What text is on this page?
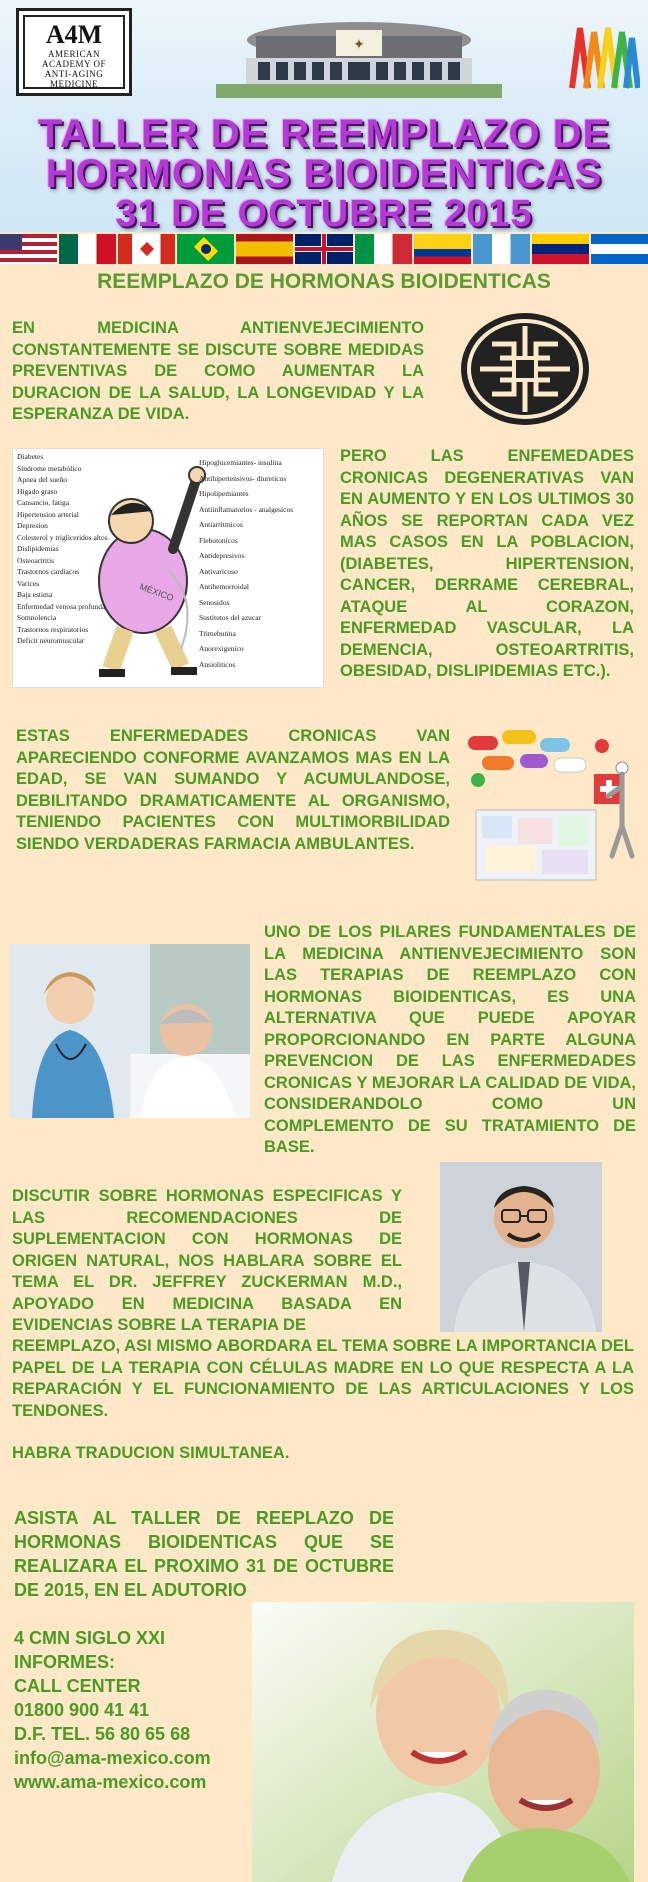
A4M
AMERICAN
ACADEMY OF
ANTI-AGING
MEDICINE
✦
TALLER DE REEMPLAZO DE
HORMONAS BIOIDENTICAS
31 DE OCTUBRE 2015
REEMPLAZO DE HORMONAS BIOIDENTICAS
EN MEDICINA ANTIENVEJECIMIENTO CONSTANTEMENTE SE DISCUTE SOBRE MEDIDAS PREVENTIVAS DE COMO AUMENTAR LA DURACION DE LA SALUD, LA LONGEVIDAD Y LA ESPERANZA DE VIDA.
MÉXICO
Diabetes
Síndrome metabólico
Apnea del sueño
Hígado graso
Cansancio, fatiga
Hipertension arterial
Depresion
Colesterol y trigliceridos altos
Dislipidemias
Osteoartritis
Trastornos cardiacos
Varices
Baja estima
Enfermedad venosa profunda
Somnolencia
Trastornos respiratorios
Deficit neuromuscular
Hipoglucemiantes- insulina
Antihipertensivos- diureticos
Hipolipemiantes
Antiinflamatorios - analgesicos
Antiarritmicos
Flebotonicos
Antidepresivos
Antivaricoso
Antihemorroidal
Senosidos
Sustitutos del azucar
Trimebutina
Anorexigenico
Ansioliticos
PERO LAS ENFEMEDADES CRONICAS DEGENERATIVAS VAN EN AUMENTO Y EN LOS ULTIMOS 30 AÑOS SE REPORTAN CADA VEZ MAS CASOS EN LA POBLACION, (DIABETES, HIPERTENSION, CANCER, DERRAME CEREBRAL, ATAQUE AL CORAZON, ENFERMEDAD VASCULAR, LA DEMENCIA, OSTEOARTRITIS, OBESIDAD, DISLIPIDEMIAS ETC.).
ESTAS ENFERMEDADES CRONICAS VAN APARECIENDO CONFORME AVANZAMOS MAS EN LA EDAD, SE VAN SUMANDO Y ACUMULANDOSE, DEBILITANDO DRAMATICAMENTE AL ORGANISMO, TENIENDO PACIENTES CON MULTIMORBILIDAD SIENDO VERDADERAS FARMACIA AMBULANTES.
UNO DE LOS PILARES FUNDAMENTALES DE LA MEDICINA ANTIENVEJECIMIENTO SON LAS TERAPIAS DE REEMPLAZO CON HORMONAS BIOIDENTICAS, ES UNA ALTERNATIVA QUE PUEDE APOYAR PROPORCIONANDO EN PARTE ALGUNA PREVENCION DE LAS ENFERMEDADES CRONICAS Y MEJORAR LA CALIDAD DE VIDA, CONSIDERANDOLO COMO UN COMPLEMENTO DE SU TRATAMIENTO DE BASE.
DISCUTIR SOBRE HORMONAS ESPECIFICAS Y LAS RECOMENDACIONES DE SUPLEMENTACION CON HORMONAS DE ORIGEN NATURAL, NOS HABLARA SOBRE EL TEMA EL DR. JEFFREY ZUCKERMAN M.D., APOYADO EN MEDICINA BASADA EN EVIDENCIAS SOBRE LA TERAPIA DE
REEMPLAZO, ASI MISMO ABORDARA EL TEMA SOBRE LA IMPORTANCIA DEL PAPEL DE LA TERAPIA CON CÉLULAS MADRE EN LO QUE RESPECTA A LA REPARACIÓN Y EL FUNCIONAMIENTO DE LAS ARTICULACIONES Y LOS TENDONES.
HABRA TRADUCION SIMULTANEA.
ASISTA AL TALLER DE REEPLAZO DE HORMONAS BIOIDENTICAS QUE SE REALIZARA EL PROXIMO 31 DE OCTUBRE DE 2015, EN EL ADUTORIO
4 CMN SIGLO XXI
INFORMES:
CALL CENTER
01800 900 41 41
D.F. TEL. 56 80 65 68
info@ama-mexico.com
www.ama-mexico.com
